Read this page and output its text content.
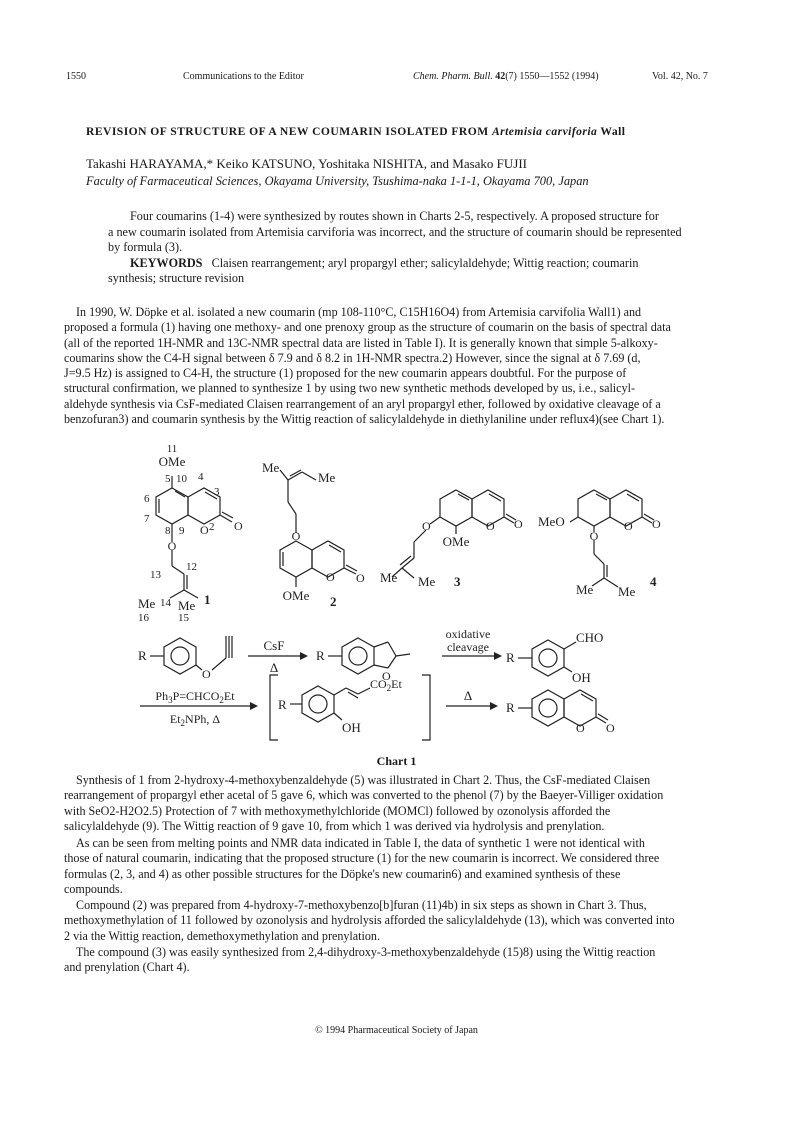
1550	Communications to the Editor	Chem. Pharm. Bull. 42(7) 1550—1552 (1994)	Vol. 42, No. 7
REVISION OF STRUCTURE OF A NEW COUMARIN ISOLATED FROM Artemisia carviforia Wall
Takashi HARAYAMA,* Keiko KATSUNO, Yoshitaka NISHITA, and Masako FUJII
Faculty of Farmaceutical Sciences, Okayama University, Tsushima-naka 1-1-1, Okayama 700, Japan
Four coumarins (1-4) were synthesized by routes shown in Charts 2-5, respectively. A proposed structure for
a new coumarin isolated from Artemisia carviforia was incorrect, and the structure of coumarin should be represented
by formula (3).
KEYWORDS Claisen rearrangement; aryl propargyl ether; salicylaldehyde; Wittig reaction; coumarin
synthesis; structure revision
In 1990, W. Döpke et al. isolated a new coumarin (mp 108-110°C, C15H16O4) from Artemisia carvifolia Wall1) and
proposed a formula (1) having one methoxy- and one prenoxy group as the structure of coumarin on the basis of spectral data
(all of the reported 1H-NMR and 13C-NMR spectral data are listed in Table I). It is generally known that simple 5-alkoxy-
coumarins show the C4-H signal between δ 7.9 and δ 8.2 in 1H-NMR spectra.2) However, since the signal at δ 7.69 (d,
J=9.5 Hz) is assigned to C4-H, the structure (1) proposed for the new coumarin appears doubtful. For the purpose of
structural confirmation, we planned to synthesize 1 by using two new synthetic methods developed by us, i.e., salicyl-
aldehyde synthesis via CsF-mediated Claisen rearrangement of an aryl propargyl ether, followed by oxidative cleavage of a
benzofuran3) and coumarin synthesis by the Wittig reaction of salicylaldehyde in diethylaniline under reflux4)(see Chart 1).
11
OMe
5 10 4
3
6
7
8 9 O 2 O
O
13
12
Me 14 Me
16	15
1
Me
Me
O
O O
OMe 2
O	O O
OMe
Me Me 3
MeO
O
O O
Me Me
4
R
O
CsF
Δ
R
O
oxidative
cleavage
R
CHO
OH
$Ph_3P=CHCO_2Et$
$Et_2NPh$, Δ
R
$CO_2Et$
OH
Δ
R
O O
Chart 1
Synthesis of 1 from 2-hydroxy-4-methoxybenzaldehyde (5) was illustrated in Chart 2. Thus, the CsF-mediated Claisen
rearrangement of propargyl ether acetal of 5 gave 6, which was converted to the phenol (7) by the Baeyer-Villiger oxidation
with SeO2-H2O2.5) Protection of 7 with methoxymethylchloride (MOMCl) followed by ozonolysis afforded the
salicylaldehyde (9). The Wittig reaction of 9 gave 10, from which 1 was derived via hydrolysis and prenylation.
As can be seen from melting points and NMR data indicated in Table I, the data of synthetic 1 were not identical with
those of natural coumarin, indicating that the proposed structure (1) for the new coumarin is incorrect. We considered three
formulas (2, 3, and 4) as other possible structures for the Döpke's new coumarin6) and examined synthesis of these
compounds.
Compound (2) was prepared from 4-hydroxy-7-methoxybenzo[b]furan (11)4b) in six steps as shown in Chart 3. Thus,
methoxymethylation of 11 followed by ozonolysis and hydrolysis afforded the salicylaldehyde (13), which was converted into
2 via the Wittig reaction, demethoxymethylation and prenylation.
The compound (3) was easily synthesized from 2,4-dihydroxy-3-methoxybenzaldehyde (15)8) using the Wittig reaction
and prenylation (Chart 4).
© 1994 Pharmaceutical Society of Japan
